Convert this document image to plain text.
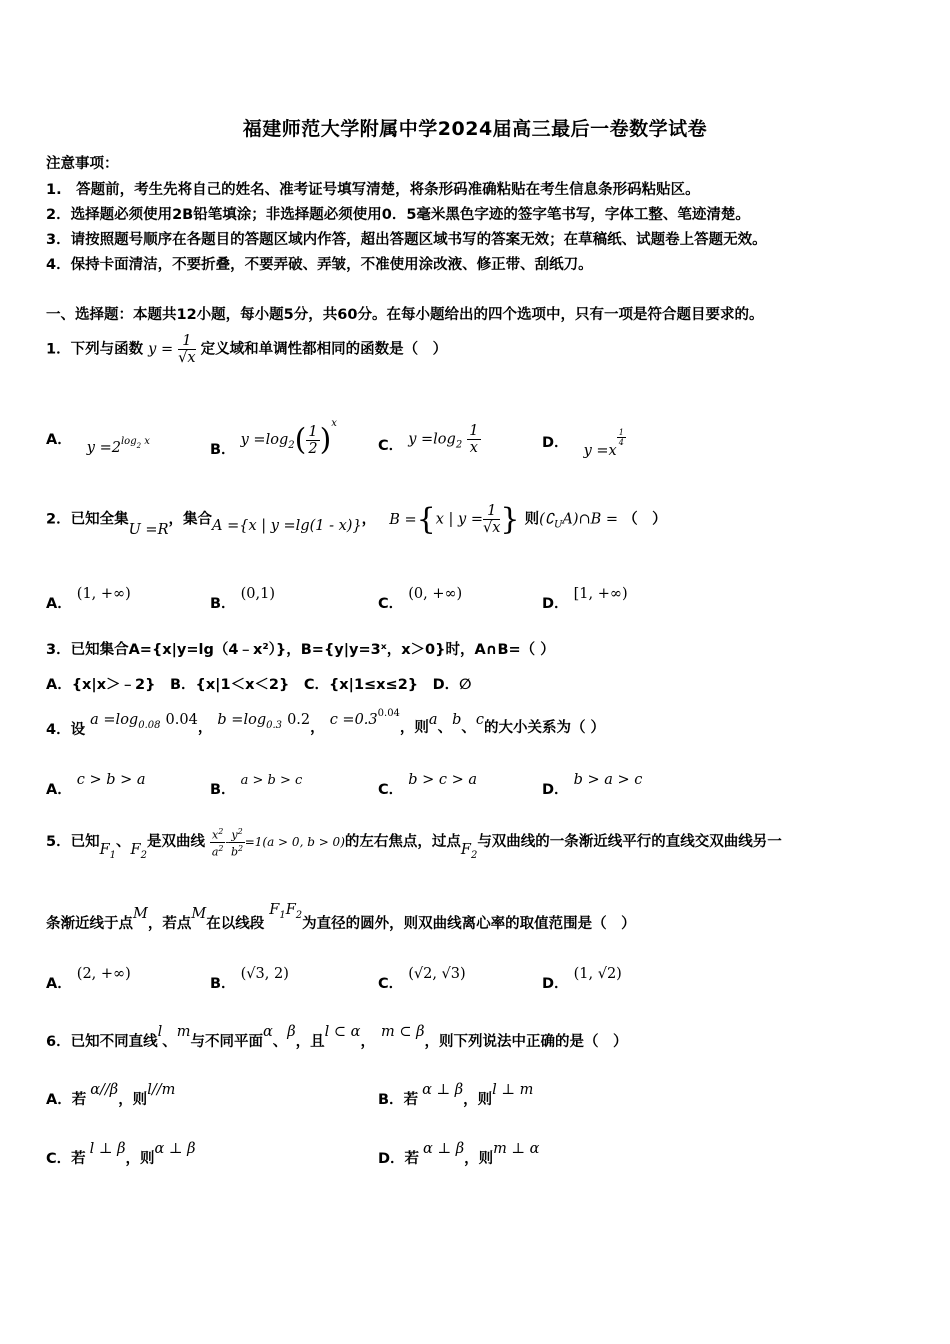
福建师范大学附属中学2024届高三最后一卷数学试卷
注意事项：
1.　答题前，考生先将自己的姓名、准考证号填写清楚，将条形码准确粘贴在考生信息条形码粘贴区。
2．选择题必须使用2B铅笔填涂；非选择题必须使用0．5毫米黑色字迹的签字笔书写，字体工整、笔迹清楚。
3．请按照题号顺序在各题目的答题区域内作答，超出答题区域书写的答案无效；在草稿纸、试题卷上答题无效。
4．保持卡面清洁，不要折叠，不要弄破、弄皱，不准使用涂改液、修正带、刮纸刀。
一、选择题：本题共12小题，每小题5分，共60分。在每小题给出的四个选项中，只有一项是符合题目要求的。
1．下列与函数 $y = \frac{1}{√x}$ 定义域和单调性都相同的函数是（　）
A． $y =2^{log_2 x}$
B． $y =\log_2( \frac{1}{2} )^x$
C． $y =\log_2 \frac{1}{x}$	D． y =x
$\frac{1}{4}$
2．已知全集U =R，集合A ={x | y =lg(1 - x)}， B ={x | $y = \frac{1}{√x}$ } 则$(∁_UA)\cap B$ = （　）
A． (1, +∞)
B． (0,1)
C． (0, +∞)
D． [1, +∞)
3．已知集合A={x|y=lg（4﹣x²）}，B={y|y=3ˣ，x＞0}时，A∩B=（ ）
A．{x|x＞﹣2}　B．{x|1＜x＜2}　C．{x|1≤x≤2}　D．∅
4．设 $a =\log_{0.08}$ 0.04， $b =\log_{0.3}$ 0.2， $c =0.3^{0.04}$，则a、b、c的大小关系为（ ）
A． c > b > a
B． a > b > c
C． b > c > a
D． b > a > c
5．已知$F_1$、$F_2$是双曲线 $\frac{x^2}{a^2} - \frac{y^2}{b^2} =1(a > 0$, b > 0)的左右焦点，过点$F_2$与双曲线的一条渐近线平行的直线交双曲线另一
条渐近线于点M，若点M在以线段 $F_1F_2$为直径的圆外，则双曲线离心率的取值范围是（　）
A． (2, +∞)
B． (√3, 2)
C． (√2, √3)
D． (1, √2)
6．已知不同直线l、m与不同平面α、β，且l ⊂ α，m ⊂ β，则下列说法中正确的是（　）
A．若α//β，则l//m
B．若α ⊥ β，则l ⊥ m
C．若l ⊥ β，则α ⊥ β
D．若α ⊥ β，则m ⊥ α
